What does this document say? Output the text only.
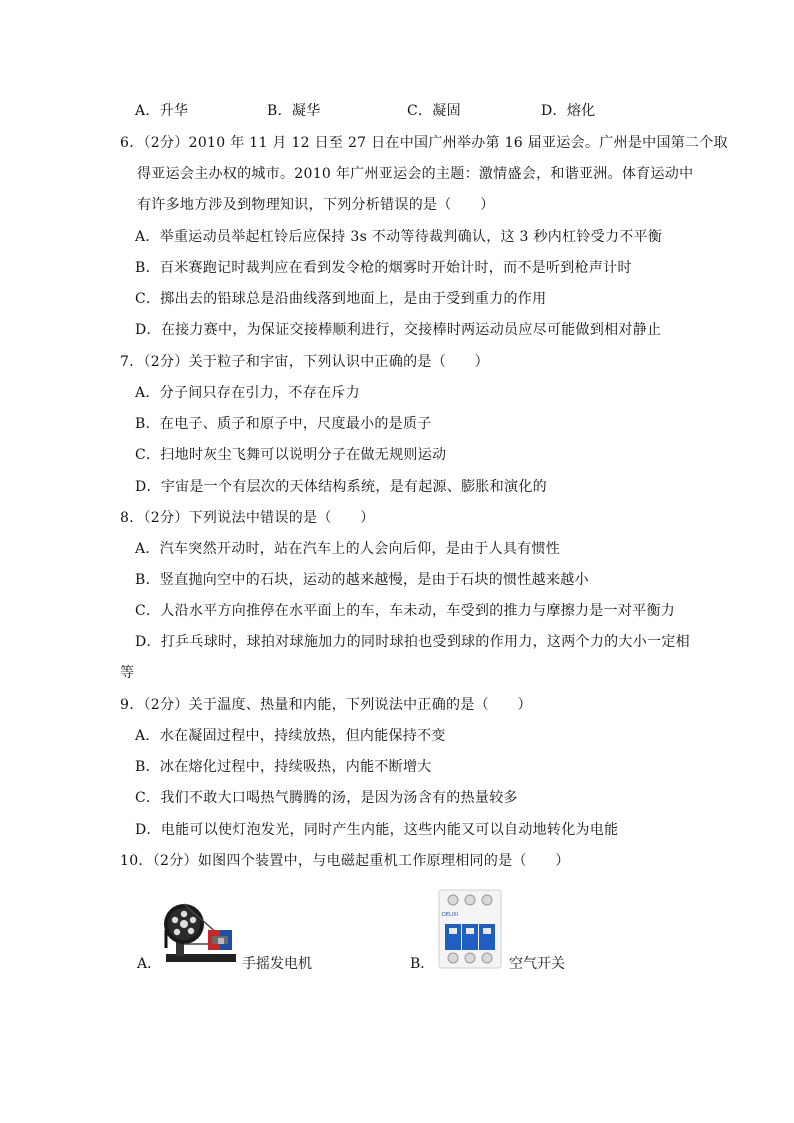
A．升华	B．凝华	C．凝固	D．熔化
6．（2分）2010 年 11 月 12 日至 27 日在中国广州举办第 16 届亚运会。广州是中国第二个取
得亚运会主办权的城市。2010 年广州亚运会的主题：激情盛会，和谐亚洲。体育运动中
有许多地方涉及到物理知识，下列分析错误的是（　　）
A．举重运动员举起杠铃后应保持 3s 不动等待裁判确认，这 3 秒内杠铃受力不平衡
B．百米赛跑记时裁判应在看到发令枪的烟雾时开始计时，而不是听到枪声计时
C．掷出去的铅球总是沿曲线落到地面上，是由于受到重力的作用
D．在接力赛中，为保证交接棒顺利进行，交接棒时两运动员应尽可能做到相对静止
7．（2分）关于粒子和宇宙，下列认识中正确的是（　　）
A．分子间只存在引力，不存在斥力
B．在电子、质子和原子中，尺度最小的是质子
C．扫地时灰尘飞舞可以说明分子在做无规则运动
D．宇宙是一个有层次的天体结构系统，是有起源、膨胀和演化的
8．（2分）下列说法中错误的是（　　）
A．汽车突然开动时，站在汽车上的人会向后仰，是由于人具有惯性
B．竖直抛向空中的石块，运动的越来越慢，是由于石块的惯性越来越小
C．人沿水平方向推停在水平面上的车，车未动，车受到的推力与摩擦力是一对平衡力
D．打乒乓球时，球拍对球施加力的同时球拍也受到球的作用力，这两个力的大小一定相
等
9．（2分）关于温度、热量和内能，下列说法中正确的是（　　）
A．水在凝固过程中，持续放热，但内能保持不变
B．冰在熔化过程中，持续吸热，内能不断增大
C．我们不敢大口喝热气腾腾的汤，是因为汤含有的热量较多
D．电能可以使灯泡发光，同时产生内能，这些内能又可以自动地转化为电能
10．（2分）如图四个装置中，与电磁起重机工作原理相同的是（　　）
A．	手摇发电机	B．
DELIXI
空气开关
